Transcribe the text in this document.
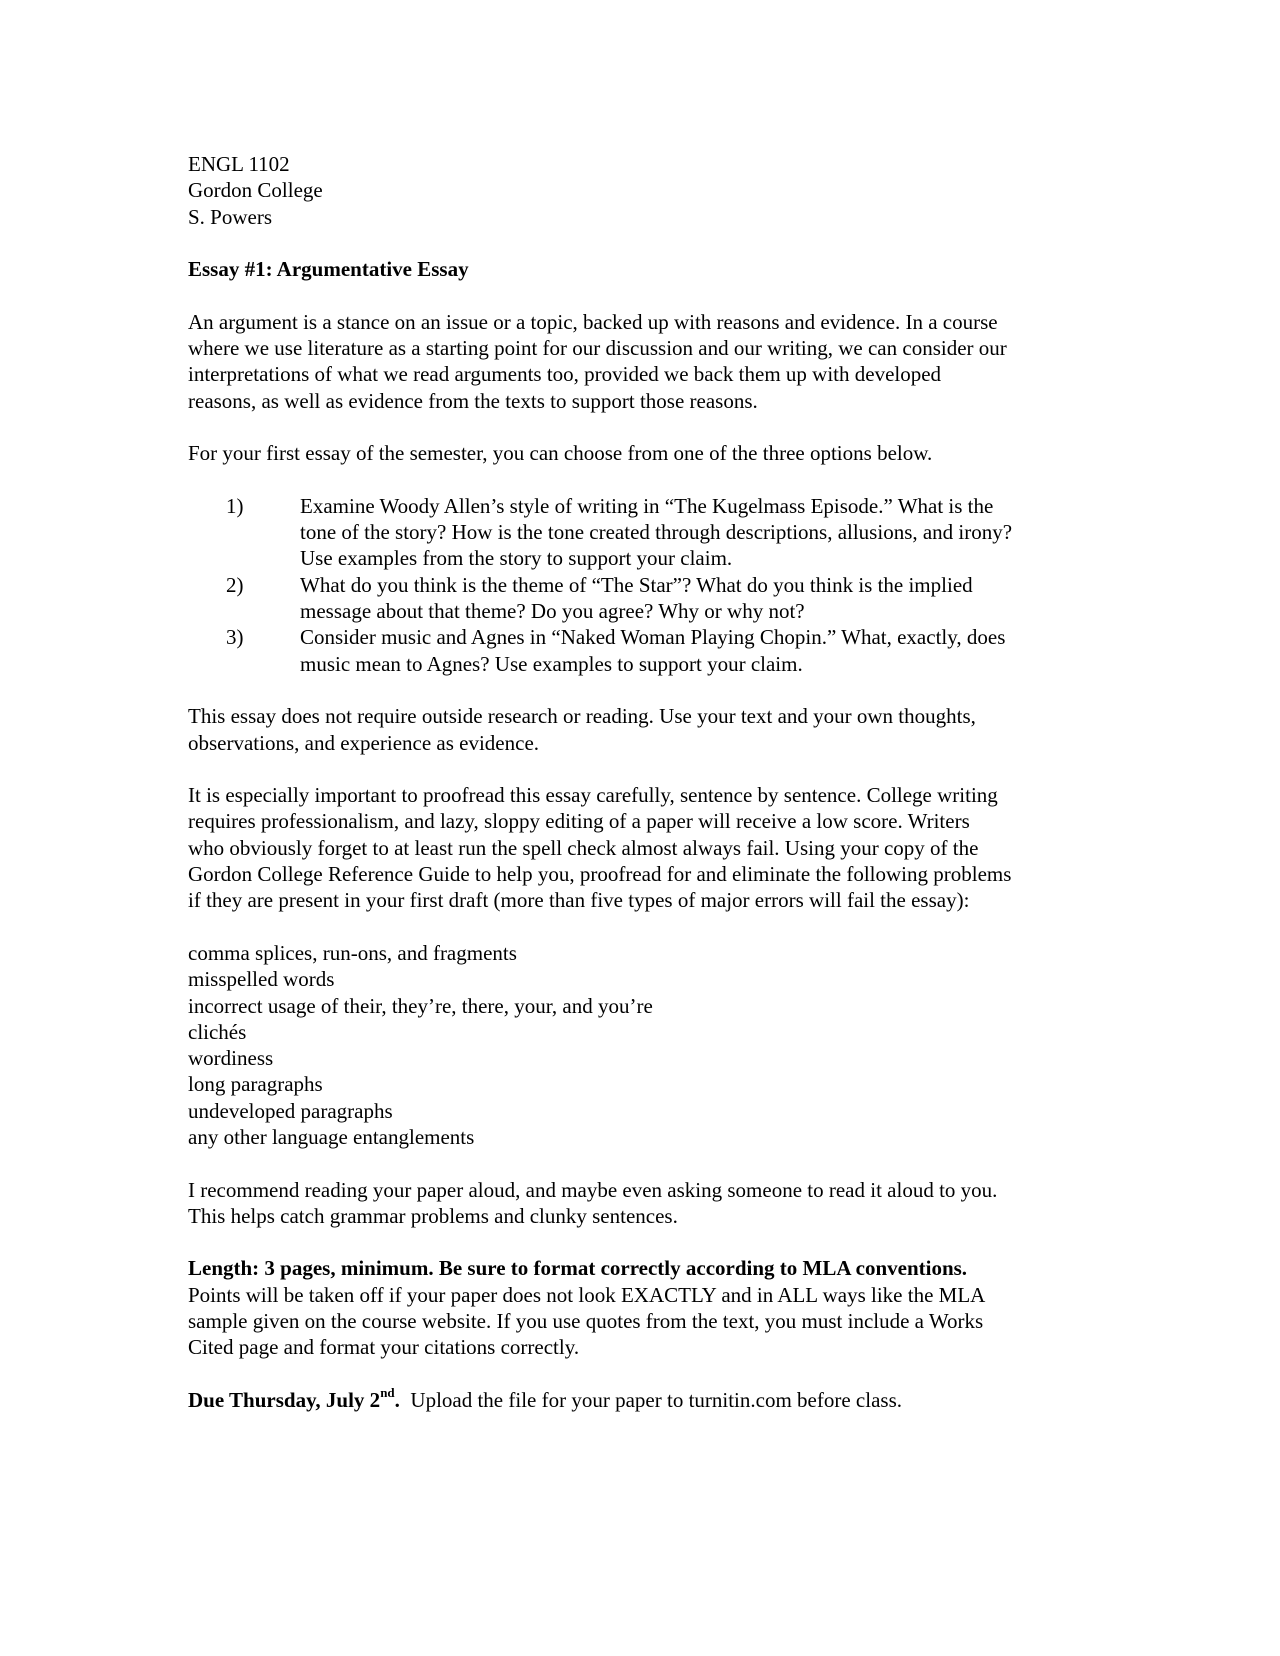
ENGL 1102
Gordon College
S. Powers
Essay #1: Argumentative Essay
An argument is a stance on an issue or a topic, backed up with reasons and evidence. In a course
where we use literature as a starting point for our discussion and our writing, we can consider our
interpretations of what we read arguments too, provided we back them up with developed
reasons, as well as evidence from the texts to support those reasons.
For your first essay of the semester, you can choose from one of the three options below.
1)	Examine Woody Allen’s style of writing in “The Kugelmass Episode.” What is the
tone of the story? How is the tone created through descriptions, allusions, and irony?
Use examples from the story to support your claim.
2)	What do you think is the theme of “The Star”? What do you think is the implied
message about that theme? Do you agree? Why or why not?
3)	Consider music and Agnes in “Naked Woman Playing Chopin.” What, exactly, does
music mean to Agnes? Use examples to support your claim.
This essay does not require outside research or reading. Use your text and your own thoughts,
observations, and experience as evidence.
It is especially important to proofread this essay carefully, sentence by sentence. College writing
requires professionalism, and lazy, sloppy editing of a paper will receive a low score. Writers
who obviously forget to at least run the spell check almost always fail. Using your copy of the
Gordon College Reference Guide to help you, proofread for and eliminate the following problems
if they are present in your first draft (more than five types of major errors will fail the essay):
comma splices, run-ons, and fragments
misspelled words
incorrect usage of their, they’re, there, your, and you’re
clichés
wordiness
long paragraphs
undeveloped paragraphs
any other language entanglements
I recommend reading your paper aloud, and maybe even asking someone to read it aloud to you.
This helps catch grammar problems and clunky sentences.
Length: 3 pages, minimum. Be sure to format correctly according to MLA conventions.
Points will be taken off if your paper does not look EXACTLY and in ALL ways like the MLA
sample given on the course website. If you use quotes from the text, you must include a Works
Cited page and format your citations correctly.
Due Thursday, July 2nd.  Upload the file for your paper to turnitin.com before class.
